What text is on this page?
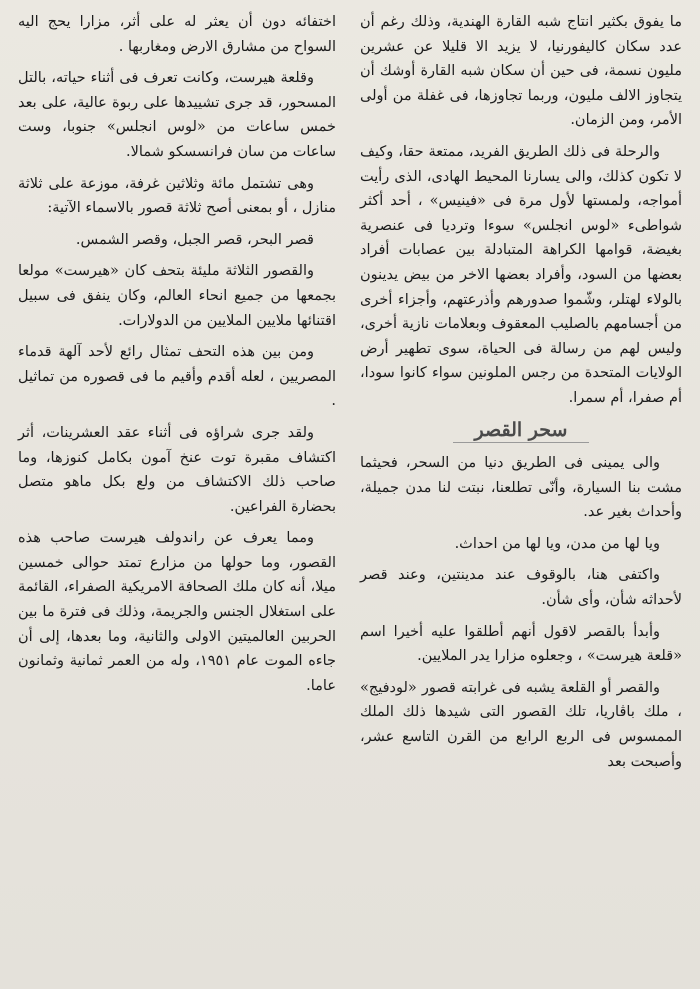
ما يفوق بكثير انتاج شبه القارة الهندية، وذلك رغم أن عدد سكان كاليفورنيا، لا يزيد الا قليلا عن عشرين مليون نسمة، فى حين أن سكان شبه القارة أوشك أن يتجاوز الالف مليون، وربما تجاوزها، فى غفلة من أولى الأمر، ومن الزمان.

والرحلة فى ذلك الطريق الفريد، ممتعة حقا، وكيف لا تكون كذلك، والى يسارنا المحيط الهادى، الذى رأيت أمواجه، ولمستها لأول مرة فى «فينيس» ، أحد أكثر شواطىء «لوس انجلس» سوءا وترديا فى عنصرية بغيضة، قوامها الكراهة المتبادلة بين عصابات أفراد بعضها من السود، وأفراد بعضها الاخر من بيض يدينون بالولاء لهتلر، وشّموا صدورهم وأذرعتهم، وأجزاء أخرى من أجسامهم بالصليب المعقوف وبعلامات نازية أخرى، وليس لهم من رسالة فى الحياة، سوى تطهير أرض الولايات المتحدة من رجس الملونين سواء كانوا سودا، أم صفرا، أم سمرا.

سحر القصر

والى يمينى فى الطريق دنيا من السحر، فحيثما مشت بنا السيارة، وأنّى تطلعنا، نبتت لنا مدن جميلة، وأحداث بغير عد.

ويا لها من مدن، ويا لها من احداث.

واكتفى هنا، بالوقوف عند مدينتين، وعند قصر لأحداثه شأن، وأى شأن.

وأبدأ بالقصر لاقول أنهم أطلقوا عليه أخيرا اسم «قلعة هيرست» ، وجعلوه مزارا يدر الملايين.

والقصر أو القلعة يشبه فى غرابته قصور «لودفيج» ، ملك باڤاريا، تلك القصور التى شيدها ذلك الملك الممسوس فى الربع الرابع من القرن التاسع عشر، وأصبحت بعد

اختفائه دون أن يعثر له على أثر، مزارا يحج اليه السواح من مشارق الارض ومغاربها .

وقلعة هيرست، وكانت تعرف فى أثناء حياته، بالتل المسحور، قد جرى تشييدها على ربوة عالية، على بعد خمس ساعات من «لوس انجلس» جنوبا، وست ساعات من سان فرانسسكو شمالا.

وهى تشتمل مائة وثلاثين غرفة، موزعة على ثلاثة منازل ، أو بمعنى أصح ثلاثة قصور بالاسماء الآتية:

قصر البحر، قصر الجبل، وقصر الشمس.

والقصور الثلاثة مليئة بتحف كان «هيرست» مولعا بجمعها من جميع انحاء العالم، وكان ينفق فى سبيل اقتنائها ملايين الملايين من الدولارات.

ومن بين هذه التحف تمثال رائع لأحد آلهة قدماء المصريين ، لعله أقدم وأقيم ما فى قصوره من تماثيل .

ولقد جرى شراؤه فى أثناء عقد العشرينات، أثر اكتشاف مقبرة توت عنخ آمون بكامل كنوزها، وما صاحب ذلك الاكتشاف من ولع بكل ماهو متصل بحضارة الفراعين.

ومما يعرف عن راندولف هيرست صاحب هذه القصور، وما حولها من مزارع تمتد حوالى خمسين ميلا، أنه كان ملك الصحافة الامريكية الصفراء، القائمة على استغلال الجنس والجريمة، وذلك فى فترة ما بين الحربين العالميتين الاولى والثانية، وما بعدها، إلى أن جاءه الموت عام ١٩٥١، وله من العمر ثمانية وثمانون عاما.
